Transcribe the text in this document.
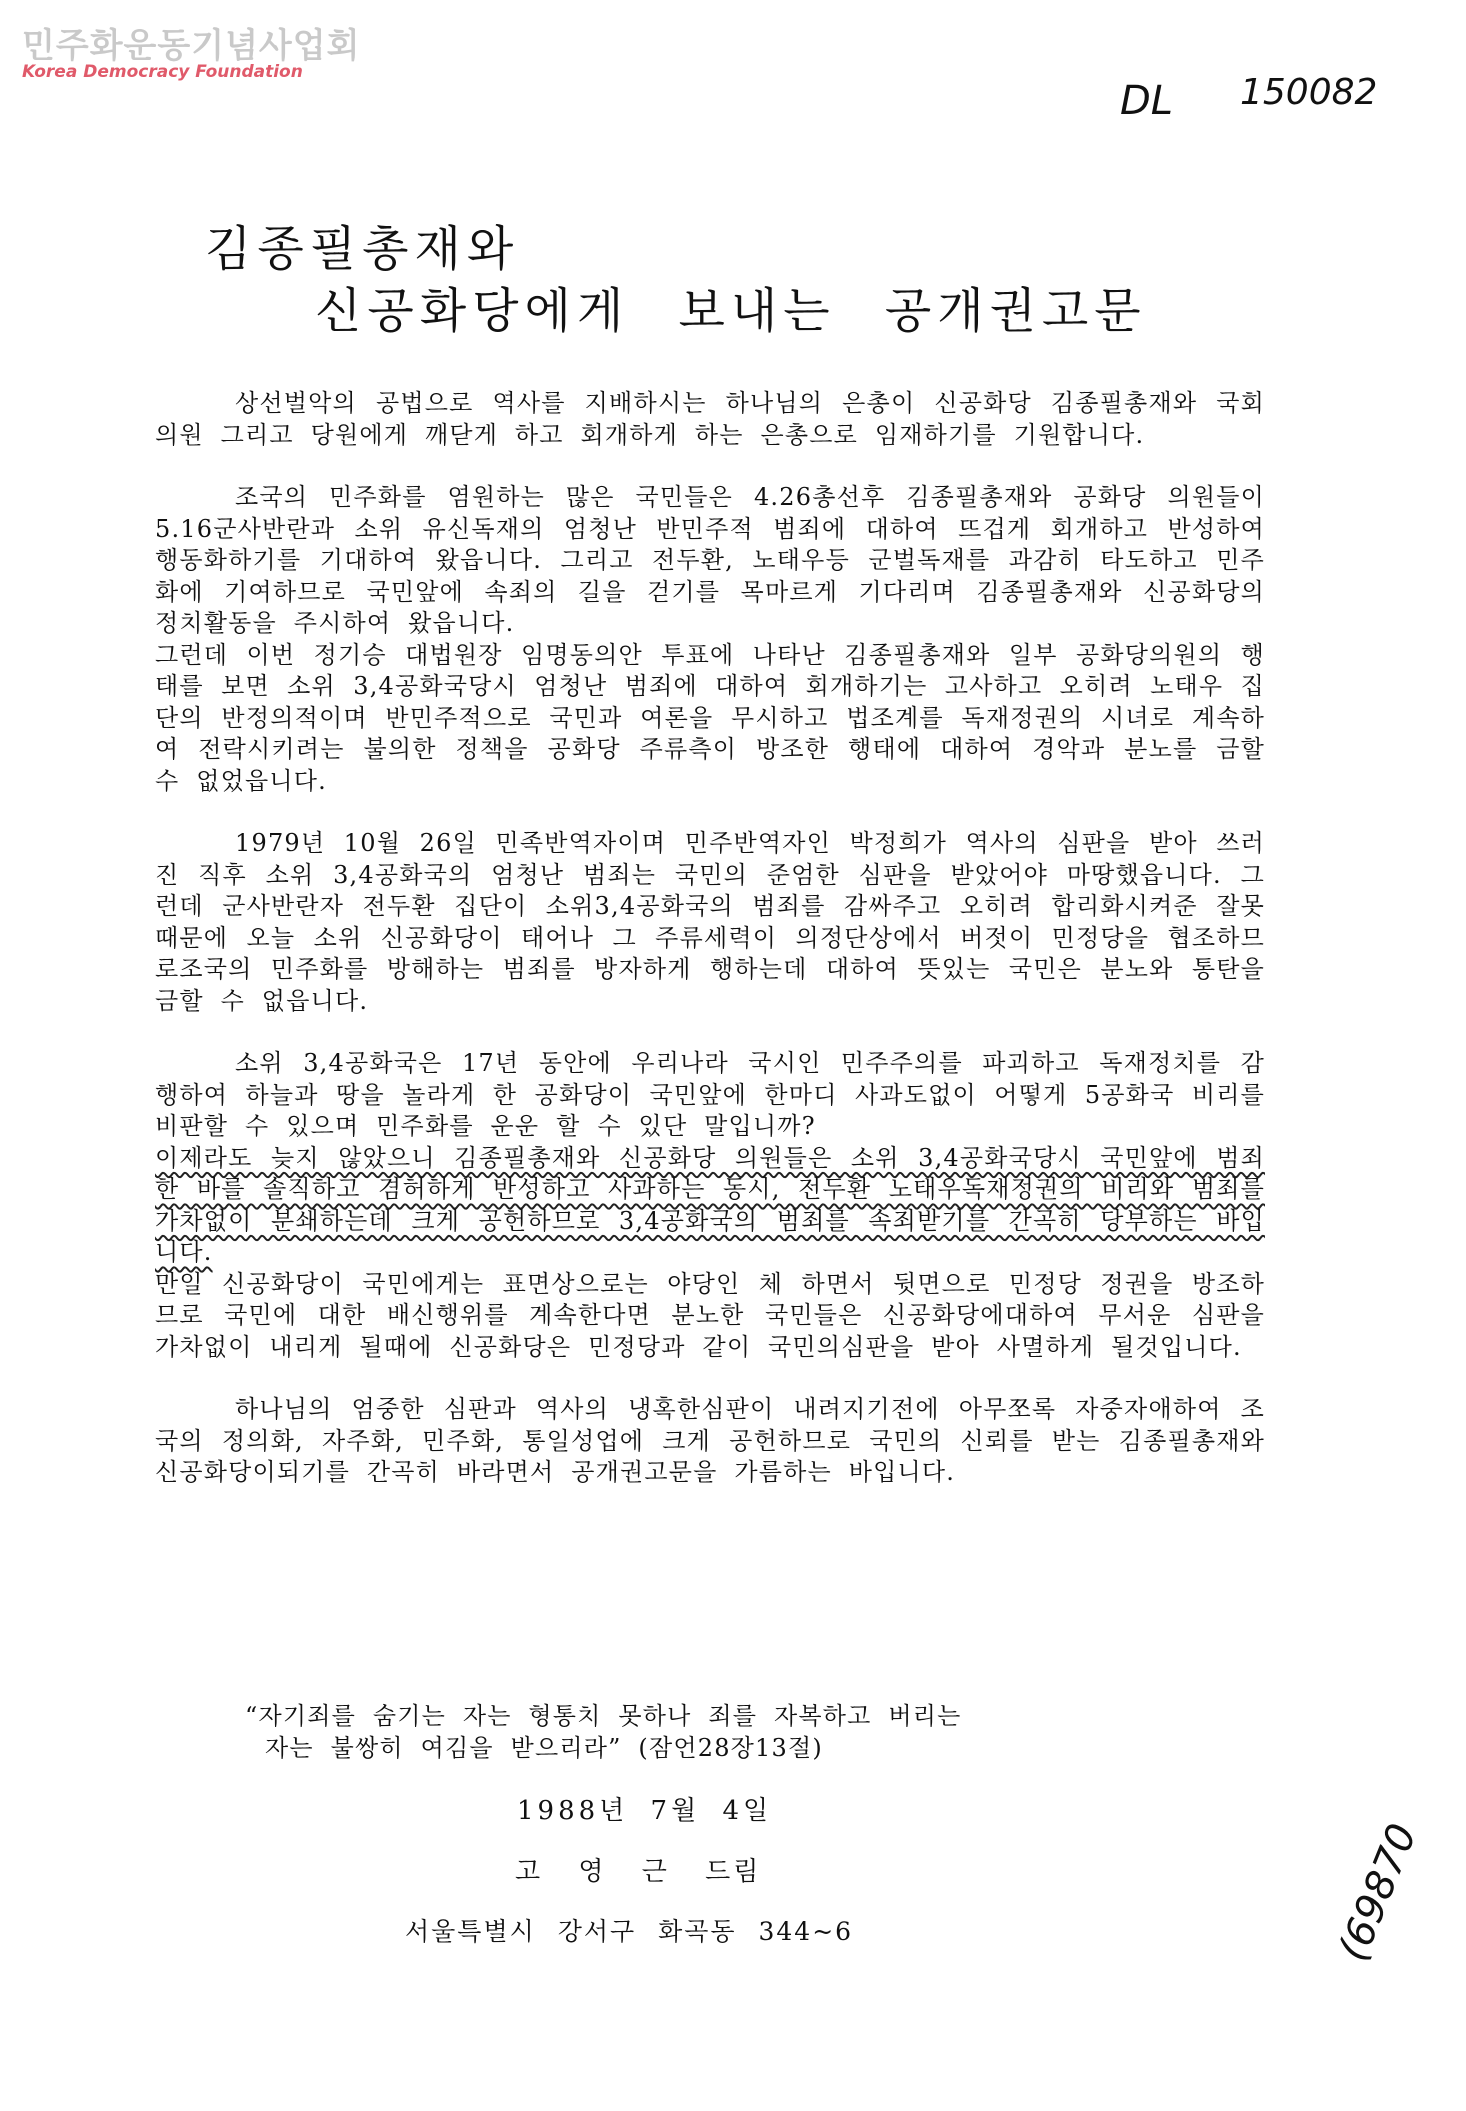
민주화운동기념사업회
Korea Democracy Foundation
DL 150082
(69870
김종필총재와
신공화당에게 보내는 공개권고문

상선벌악의 공법으로 역사를 지배하시는 하나님의 은총이 신공화당 김종필총재와 국회의원 그리고 당원에게 깨닫게 하고 회개하게 하는 은총으로 임재하기를 기원합니다.

조국의 민주화를 염원하는 많은 국민들은 4.26총선후 김종필총재와 공화당 의원들이 5.16군사반란과 소위 유신독재의 엄청난 반민주적 범죄에 대하여 뜨겁게 회개하고 반성하여 행동화하기를 기대하여 왔읍니다. 그리고 전두환, 노태우등 군벌독재를 과감히 타도하고 민주화에 기여하므로 국민앞에 속죄의 길을 걷기를 목마르게 기다리며 김종필총재와 신공화당의 정치활동을 주시하여 왔읍니다.

그런데 이번 정기승 대법원장 임명동의안 투표에 나타난 김종필총재와 일부 공화당의원의 행태를 보면 소위 3,4공화국당시 엄청난 범죄에 대하여 회개하기는 고사하고 오히려 노태우 집단의 반정의적이며 반민주적으로 국민과 여론을 무시하고 법조계를 독재정권의 시녀로 계속하여 전락시키려는 불의한 정책을 공화당 주류측이 방조한 행태에 대하여 경악과 분노를 금할 수 없었읍니다.

1979년 10월 26일 민족반역자이며 민주반역자인 박정희가 역사의 심판을 받아 쓰러진 직후 소위 3,4공화국의 엄청난 범죄는 국민의 준엄한 심판을 받았어야 마땅했읍니다. 그런데 군사반란자 전두환 집단이 소위3,4공화국의 범죄를 감싸주고 오히려 합리화시켜준 잘못때문에 오늘 소위 신공화당이 태어나 그 주류세력이 의정단상에서 버젓이 민정당을 협조하므로조국의 민주화를 방해하는 범죄를 방자하게 행하는데 대하여 뜻있는 국민은 분노와 통탄을 금할 수 없읍니다.

소위 3,4공화국은 17년 동안에 우리나라 국시인 민주주의를 파괴하고 독재정치를 감행하여 하늘과 땅을 놀라게 한 공화당이 국민앞에 한마디 사과도없이 어떻게 5공화국 비리를 비판할 수 있으며 민주화를 운운 할 수 있단 말입니까?

이제라도 늦지 않았으니 김종필총재와 신공화당 의원들은 소위 3,4공화국당시 국민앞에 범죄한 바를 솔직하고 겸허하게 반성하고 사과하는 동시, 전두환 노태우독재정권의 비리와 범죄를 가차없이 분쇄하는데 크게 공헌하므로 3,4공화국의 범죄를 속죄받기를 간곡히 당부하는 바입니다.

만일 신공화당이 국민에게는 표면상으로는 야당인 체 하면서 뒷면으로 민정당 정권을 방조하므로 국민에 대한 배신행위를 계속한다면 분노한 국민들은 신공화당에대하여 무서운 심판을 가차없이 내리게 될때에 신공화당은 민정당과 같이 국민의심판을 받아 사멸하게 될것입니다.

하나님의 엄중한 심판과 역사의 냉혹한심판이 내려지기전에 아무쪼록 자중자애하여 조국의 정의화, 자주화, 민주화, 통일성업에 크게 공헌하므로 국민의 신뢰를 받는 김종필총재와 신공화당이되기를 간곡히 바라면서 공개권고문을 가름하는 바입니다.

“자기죄를 숨기는 자는 형통치 못하나 죄를 자복하고 버리는
자는 불쌍히 여김을 받으리라” (잠언28장13절)
1988년 7월 4일
고 영 근 드림
서울특별시 강서구 화곡동 344~6
